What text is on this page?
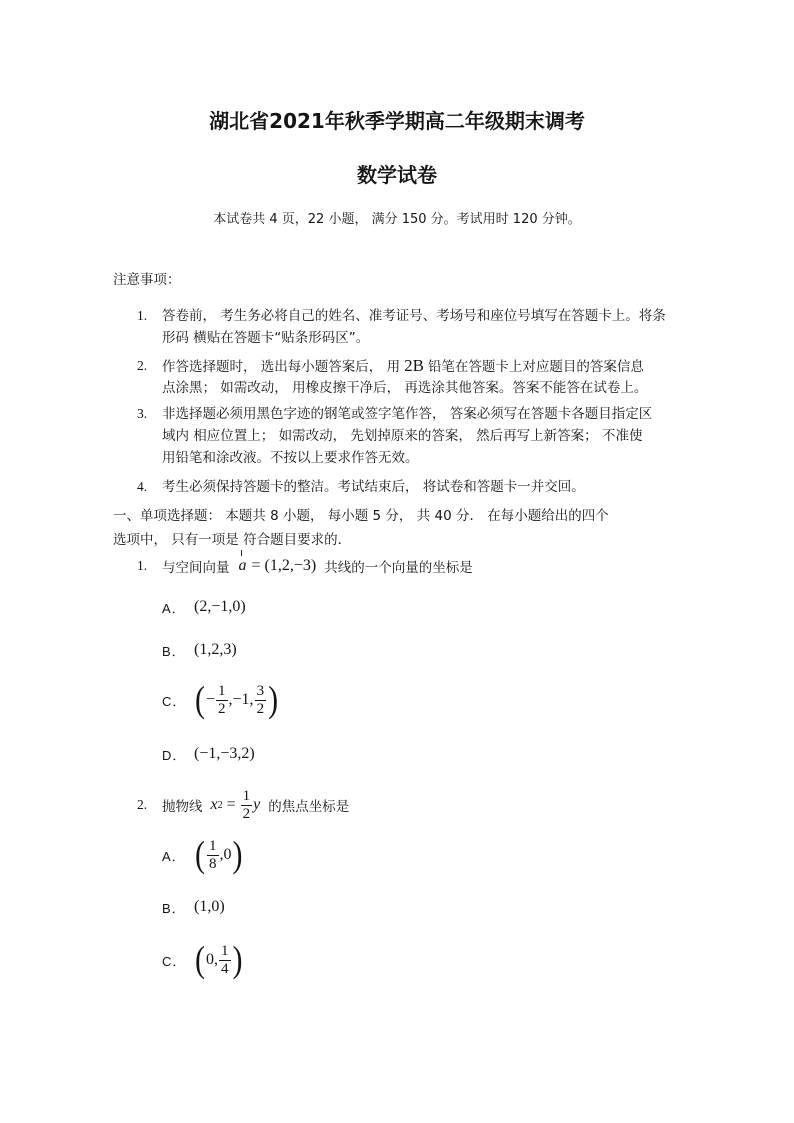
湖北省2021年秋季学期高二年级期末调考
数学试卷
本试卷共 4 页，22 小题， 满分 150 分。考试用时 120 分钟。
注意事项：
1. 答卷前， 考生务必将自己的姓名、准考证号、考场号和座位号填写在答题卡上。将条
形码 横贴在答题卡“贴条形码区”。
2. 作答选择题时， 选出每小题答案后， 用 2B 铅笔在答题卡上对应题目的答案信息
点涂黑； 如需改动， 用橡皮擦干净后， 再选涂其他答案。答案不能答在试卷上。
3. 非选择题必须用黑色字迹的钢笔或签字笔作答， 答案必须写在答题卡各题目指定区
域内 相应位置上； 如需改动， 先划掉原来的答案， 然后再写上新答案； 不准使
用铅笔和涂改液。不按以上要求作答无效。
4. 考生必须保持答题卡的整洁。考试结束后， 将试卷和答题卡一并交回。
一、单项选择题： 本题共 8 小题， 每小题 5 分， 共 40 分． 在每小题给出的四个
选项中， 只有一项是 符合题目要求的．
1. 与空间向量 a = (1,2,−3) 共线的一个向量的坐标是
A． (2,−1,0)
B． (1,2,3)
C． ( − $\frac{1}{2} ,-1$, $\frac{3}{2}$ )
D． (−1,−3,2)
2. 抛物线 x $2 = \frac{1}{2}$ y 的焦点坐标是
A． ( $\frac{1}{8} ,0$ )
B． (1,0)
C． ( 0, $\frac{1}{4}$ )
